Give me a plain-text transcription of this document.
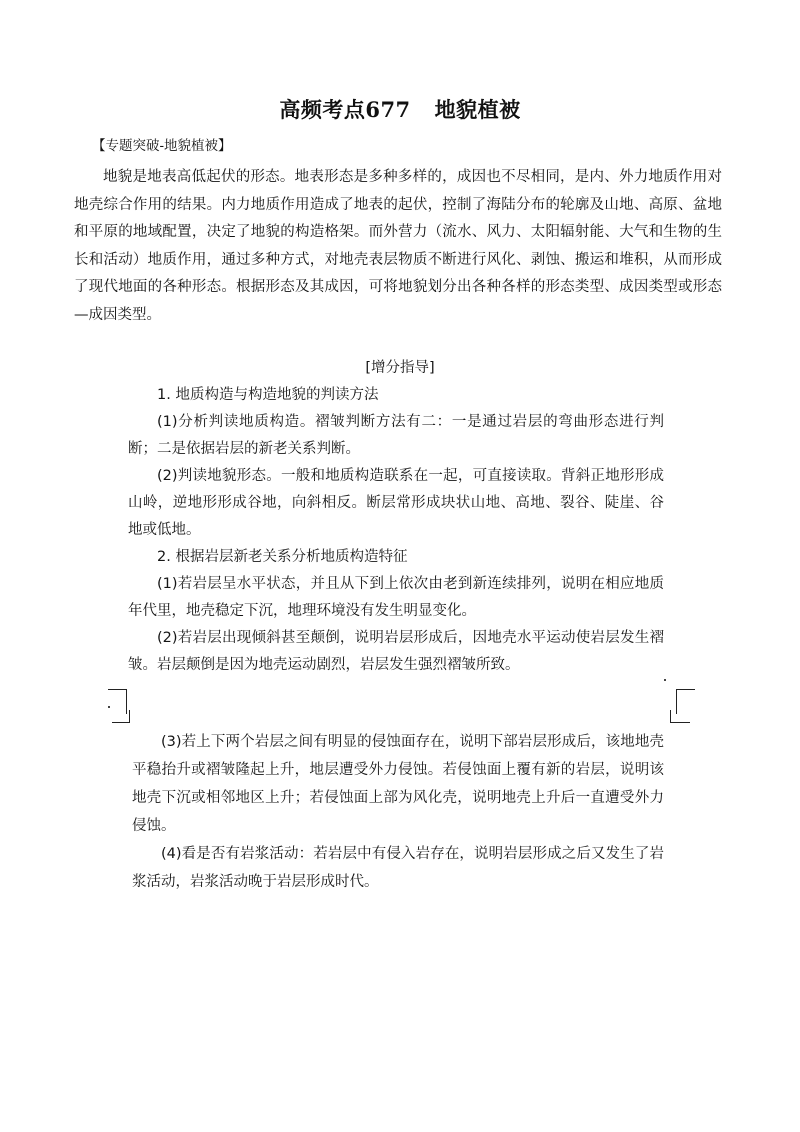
高频考点677 地貌植被
【专题突破-地貌植被】

地貌是地表高低起伏的形态。地表形态是多种多样的，成因也不尽相同，是内、外力地质作用对地壳综合作用的结果。内力地质作用造成了地表的起伏，控制了海陆分布的轮廓及山地、高原、盆地和平原的地域配置，决定了地貌的构造格架。而外营力（流水、风力、太阳辐射能、大气和生物的生长和活动）地质作用，通过多种方式，对地壳表层物质不断进行风化、剥蚀、搬运和堆积，从而形成了现代地面的各种形态。根据形态及其成因，可将地貌划分出各种各样的形态类型、成因类型或形态—成因类型。

[增分指导]

1. 地质构造与构造地貌的判读方法

(1)分析判读地质构造。褶皱判断方法有二：一是通过岩层的弯曲形态进行判断；二是依据岩层的新老关系判断。

(2)判读地貌形态。一般和地质构造联系在一起，可直接读取。背斜正地形形成山岭，逆地形形成谷地，向斜相反。断层常形成块状山地、高地、裂谷、陡崖、谷地或低地。

2. 根据岩层新老关系分析地质构造特征

(1)若岩层呈水平状态，并且从下到上依次由老到新连续排列，说明在相应地质年代里，地壳稳定下沉，地理环境没有发生明显变化。

(2)若岩层出现倾斜甚至颠倒，说明岩层形成后，因地壳水平运动使岩层发生褶皱。岩层颠倒是因为地壳运动剧烈，岩层发生强烈褶皱所致。

(3)若上下两个岩层之间有明显的侵蚀面存在，说明下部岩层形成后，该地地壳平稳抬升或褶皱隆起上升，地层遭受外力侵蚀。若侵蚀面上覆有新的岩层，说明该地壳下沉或相邻地区上升；若侵蚀面上部为风化壳，说明地壳上升后一直遭受外力侵蚀。

(4)看是否有岩浆活动：若岩层中有侵入岩存在，说明岩层形成之后又发生了岩浆活动，岩浆活动晚于岩层形成时代。
